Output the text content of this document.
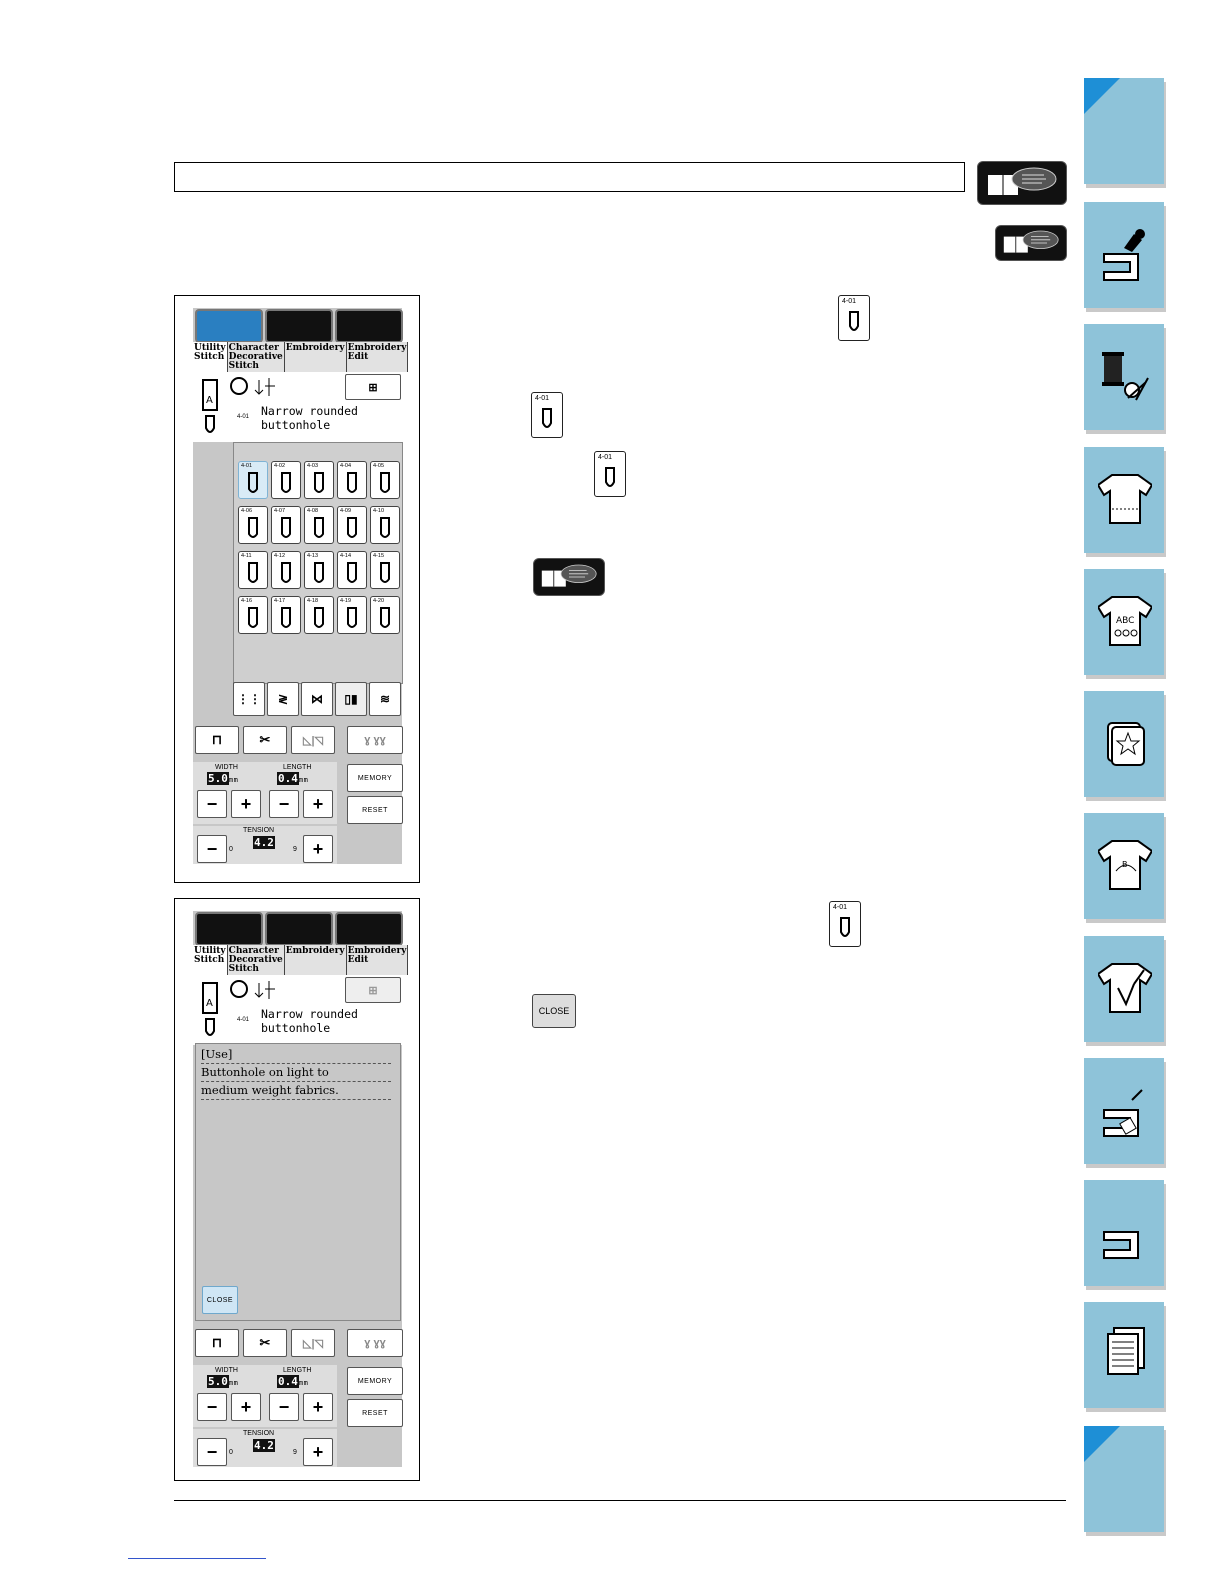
ABC
B
4-01
4-01
4-01
4-01
CLOSE
Utility Stitch
Character Decorative Stitch
Embroidery Embroidery Edit
A
⊞
4-01 Narrow rounded
buttonhole
4-01	4-02	4-03	4-04	4-05
4-06	4-07	4-08	4-09	4-10
4-11	4-12	4-13	4-14	4-15
4-16	4-17	4-18	4-19	4-20
⋮⋮	≷	⋈	▯▮	≋
⊓	✂	◺|◹	ɣ ɣɣ
WIDTH	LENGTH
5.0mm	0.4mm
−	+	−	+
MEMORY
RESET
TENSION
−	0
4.2
9 +
Utility Stitch
Character Decorative Stitch
Embroidery Embroidery Edit
A
⊞
4-01 Narrow rounded
buttonhole
[Use]
Buttonhole on light to
medium weight fabrics.
CLOSE
⊓	✂	◺|◹	ɣ ɣɣ
WIDTH	LENGTH
5.0mm	0.4mm
−	+	−	+
MEMORY
RESET
TENSION
−	0
4.2
9 +
